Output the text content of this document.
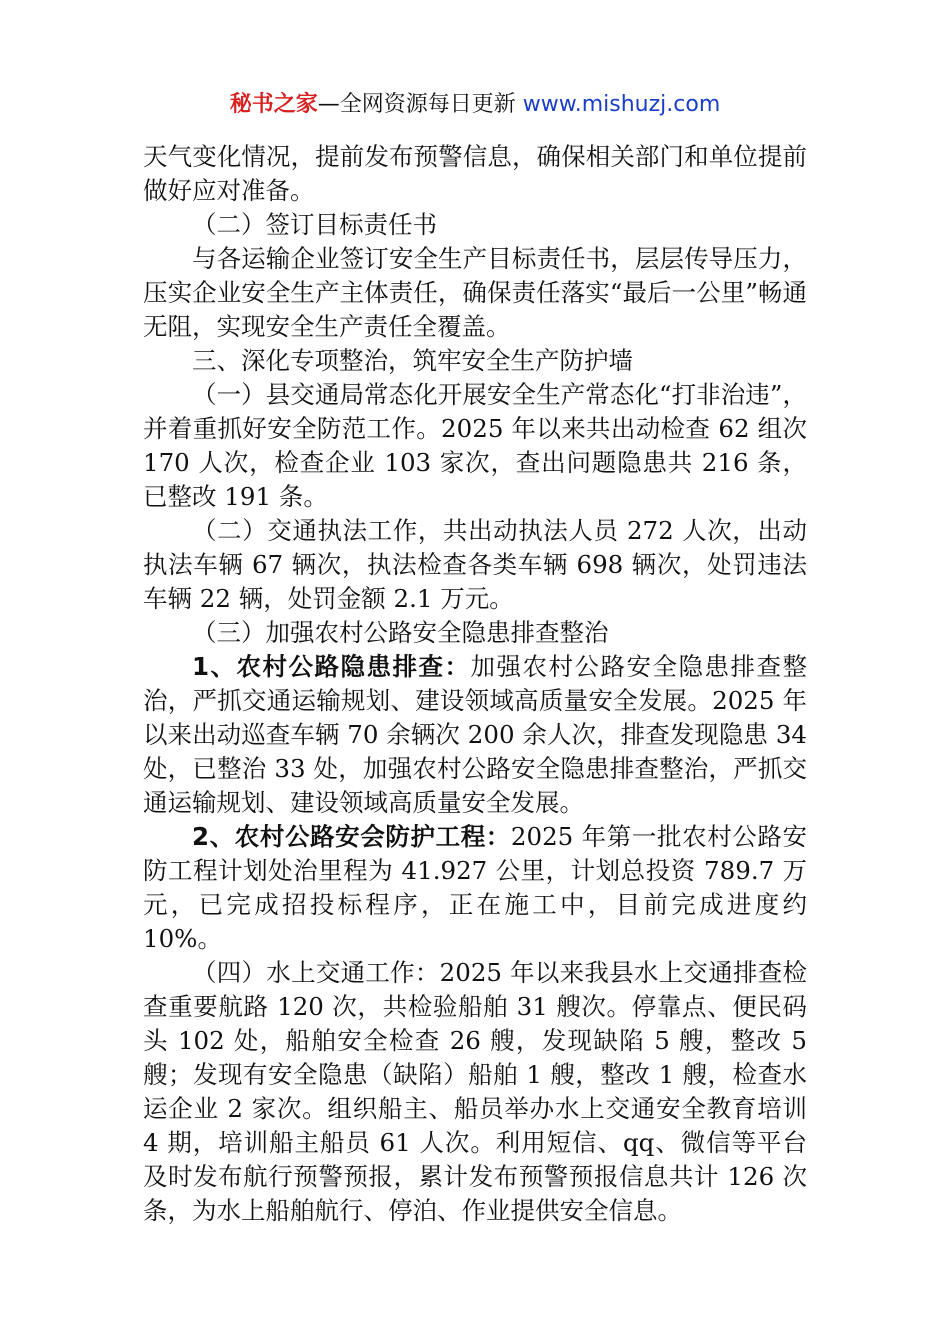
秘书之家—全网资源每日更新 www.mishuzj.com

天气变化情况，提前发布预警信息，确保相关部门和单位提前做好应对准备。

（二）签订目标责任书

与各运输企业签订安全生产目标责任书，层层传导压力，压实企业安全生产主体责任，确保责任落实“最后一公里”畅通无阻，实现安全生产责任全覆盖。

三、深化专项整治，筑牢安全生产防护墙

（一）县交通局常态化开展安全生产常态化“打非治违”，并着重抓好安全防范工作。2025 年以来共出动检查 62 组次 170 人次，检查企业 103 家次，查出问题隐患共 216 条，已整改 191 条。

（二）交通执法工作，共出动执法人员 272 人次，出动执法车辆 67 辆次，执法检查各类车辆 698 辆次，处罚违法车辆 22 辆，处罚金额 2.1 万元。

（三）加强农村公路安全隐患排查整治

1、农村公路隐患排查：加强农村公路安全隐患排查整治，严抓交通运输规划、建设领域高质量安全发展。2025 年以来出动巡查车辆 70 余辆次 200 余人次，排查发现隐患 34 处，已整治 33 处，加强农村公路安全隐患排查整治，严抓交通运输规划、建设领域高质量安全发展。

2、农村公路安会防护工程：2025 年第一批农村公路安防工程计划处治里程为 41.927 公里，计划总投资 789.7 万元，已完成招投标程序，正在施工中，目前完成进度约 10%。

（四）水上交通工作：2025 年以来我县水上交通排查检查重要航路 120 次，共检验船舶 31 艘次。停靠点、便民码头 102 处，船舶安全检查 26 艘，发现缺陷 5 艘，整改 5 艘；发现有安全隐患（缺陷）船舶 1 艘，整改 1 艘，检查水运企业 2 家次。组织船主、船员举办水上交通安全教育培训 4 期，培训船主船员 61 人次。利用短信、qq、微信等平台及时发布航行预警预报，累计发布预警预报信息共计 126 次条，为水上船舶航行、停泊、作业提供安全信息。
